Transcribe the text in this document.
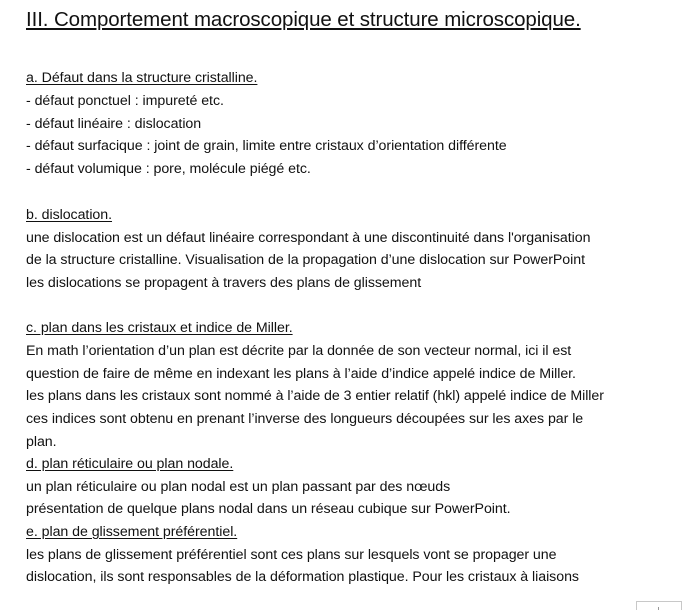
III. Comportement macroscopique et structure microscopique.
a. Défaut dans la structure cristalline.
- défaut ponctuel : impureté etc.
- défaut linéaire : dislocation
- défaut surfacique : joint de grain, limite entre cristaux d’orientation différente
- défaut volumique : pore, molécule piégé etc.
b. dislocation.
une dislocation est un défaut linéaire correspondant à une discontinuité dans l'organisation
de la structure cristalline. Visualisation de la propagation d’une dislocation sur PowerPoint
les dislocations se propagent à travers des plans de glissement
c. plan dans les cristaux et indice de Miller.
En math l’orientation d’un plan est décrite par la donnée de son vecteur normal, ici il est
question de faire de même en indexant les plans à l’aide d’indice appelé indice de Miller.
les plans dans les cristaux sont nommé à l’aide de 3 entier relatif (hkl) appelé indice de Miller
ces indices sont obtenu en prenant l’inverse des longueurs découpées sur les axes par le
plan.
d. plan réticulaire ou plan nodale.
un plan réticulaire ou plan nodal est un plan passant par des nœuds
présentation de quelque plans nodal dans un réseau cubique sur PowerPoint.
e. plan de glissement préférentiel.
les plans de glissement préférentiel sont ces plans sur lesquels vont se propager une
dislocation, ils sont responsables de la déformation plastique. Pour les cristaux à liaisons
